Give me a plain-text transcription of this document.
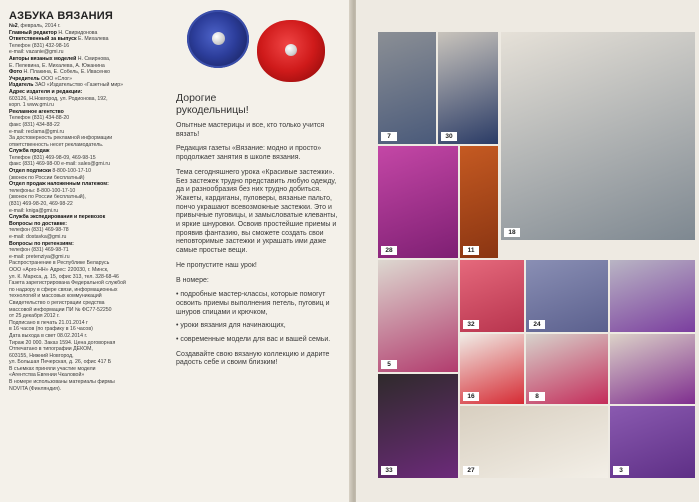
АЗБУКА ВЯЗАНИЯ
№2, февраль, 2014 г.
Главный редактор Н. Свиридонова
Ответственный за выпуск Е. Михалева
Телефон (831) 432-98-16
e-mail: vazanie@gmi.ru
Авторы вязаных моделей Н. Смирнова,
Е. Пелевина, Е. Михалева, А. Южанина
Фото Н. Плакина, Е. Собель, Е. Ивасенко
Учредитель ООО «Слог»
Издатель ЗАО «Издательство «Газетный мир»
Адрес издателя и редакции:
603126, Н.Новгород, ул. Родионова, 192,
корп. 1 www.gmi.ru
Рекламное агентство
Телефон (831) 434-88-20
факс (831) 434-88-22
e-mail: reclama@gmi.ru
За достоверность рекламной информации
ответственность несет рекламодатель.
Служба продаж
Телефон (831) 469-98-09, 469-98-15
факс (831) 469-98-00 e-mail: sales@gmi.ru
Отдел подписки 8-800-100-17-10
(звонок по России бесплатный)
Отдел продаж наложенным платежом:
телефоны: 8-800-100-17-10
(звонок по России бесплатный),
(831) 469-98-20, 469-98-22
e-mail: kniga@gmi.ru
Служба экспедирования и перевозок
Вопросы по доставке:
телефон (831) 469-98-78
e-mail: dostavka@gmi.ru
Вопросы по претензиям:
телефон (831) 469-98-71
e-mail: pretenziya@gmi.ru
Распространение в Республике Беларусь
ООО «Арго-НН» Адрес: 220030, г. Минск,
ул. К. Маркса, д. 15, офис 313, тел. 328-68-46
Газета зарегистрирована Федеральной службой
по надзору в сфере связи, информационных
технологий и массовых коммуникаций
Свидетельство о регистрации средства
массовой информации ПИ № ФС77-52250
от 25 декабря 2012 г.
Подписано в печать 21.01.2014 г
в 16 часов (по графику в 16 часов)
Дата выхода в свет 08.02.2014 г.
Тираж 20 000. Заказ 1594. Цена договорная
Отпечатано в типографии ДЕКОМ,
603155, Нижний Новгород,
ул. Большая Печерская, д. 26, офис 417 Б
В съемках приняли участие модели
«Агентства Евгении Чкаловой»
В номере использованы материалы фирмы
NOVITA (Финляндия).
Дорогие
рукодельницы!

Опытные мастерицы и все, кто только учится вязать!

Редакция газеты «Вязание: модно и просто» продолжает занятия в школе вязания.

Тема сегодняшнего урока «Красивые застежки». Без застежек трудно представить любую одежду, да и разнообразия без них трудно добиться. Жакеты, кардиганы, пуловеры, вязаные пальто, пончо украшают всевозможные застежки. Это и привычные пуговицы, и замысловатые клеванты, и яркие шнуровки. Освоив простейшие приемы и проявив фантазию, вы сможете создать свои неповторимые застежки и украшать ими даже самые простые вещи.

Не пропустите наш урок!

В номере:

• подробные мастер-классы, которые помогут освоить приемы выполнения петель, пуговиц и шнуров спицами и крючком,
• уроки вязания для начинающих,
• современные модели для вас и вашей семьи.

Создавайте свою вязаную коллекцию и дарите радость себе и своим близким!

7	30
18
28	11
5
32	24
16	8
33	27	3
